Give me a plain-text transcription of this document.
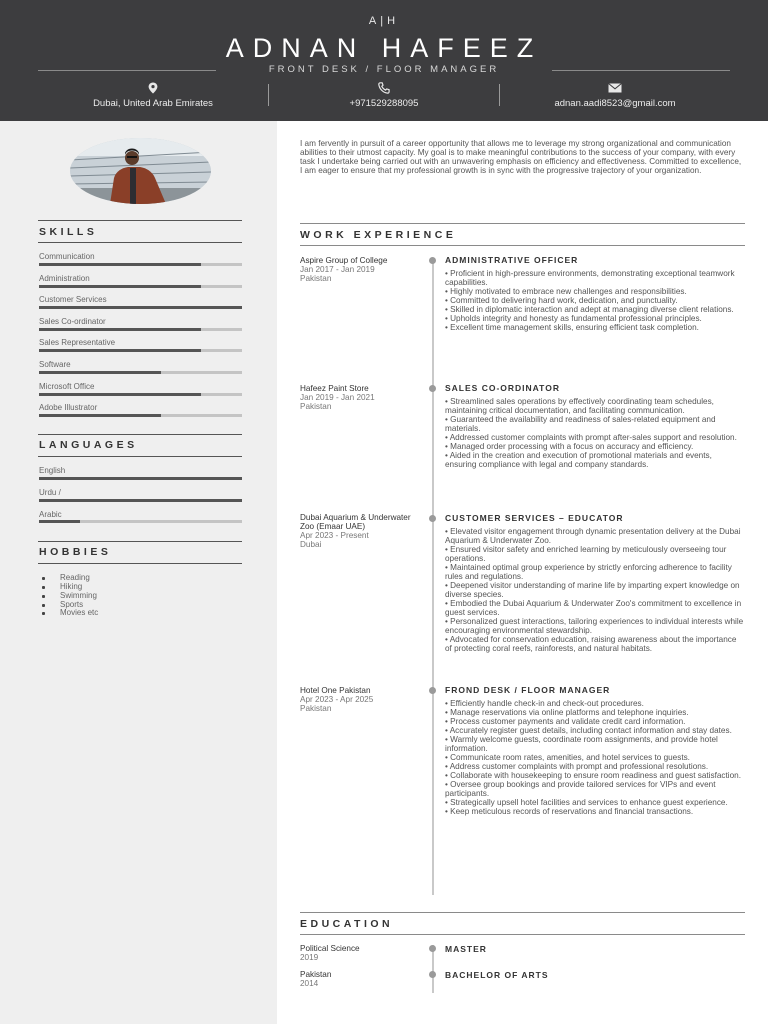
A|H
ADNAN HAFEEZ
FRONT DESK / FLOOR MANAGER
Dubai, United Arab Emirates	+971529288095	adnan.aadi8523@gmail.com
SKILLS
Communication
Administration
Customer Services
Sales Co-ordinator
Sales Representative
Software
Microsoft Office
Adobe Illustrator
LANGUAGES
English
Urdu /
Arabic
HOBBIES
Reading
Hiking
Swimming
Sports
Movies etc
I am fervently in pursuit of a career opportunity that allows me to leverage my strong organizational and communication abilities to their utmost capacity. My goal is to make meaningful contributions to the success of your company, with every task I undertake being carried out with an unwavering emphasis on efficiency and effectiveness. Committed to excellence, I am eager to ensure that my professional growth is in sync with the progressive trajectory of your organization.
WORK EXPERIENCE
Aspire Group of College
Jan 2017 - Jan 2019
Pakistan
ADMINISTRATIVE OFFICER
• Proficient in high-pressure environments, demonstrating exceptional teamwork capabilities.
• Highly motivated to embrace new challenges and responsibilities.
• Committed to delivering hard work, dedication, and punctuality.
• Skilled in diplomatic interaction and adept at managing diverse client relations.
• Upholds integrity and honesty as fundamental professional principles.
• Excellent time management skills, ensuring efficient task completion.
Hafeez Paint Store
Jan 2019 - Jan 2021
Pakistan
SALES CO-ORDINATOR
• Streamlined sales operations by effectively coordinating team schedules, maintaining critical documentation, and facilitating communication.
• Guaranteed the availability and readiness of sales-related equipment and materials.
• Addressed customer complaints with prompt after-sales support and resolution.
• Managed order processing with a focus on accuracy and efficiency.
• Aided in the creation and execution of promotional materials and events, ensuring compliance with legal and company standards.
Dubai Aquarium & Underwater Zoo (Emaar UAE)
Apr 2023 - Present
Dubai
CUSTOMER SERVICES – EDUCATOR
• Elevated visitor engagement through dynamic presentation delivery at the Dubai Aquarium & Underwater Zoo.
• Ensured visitor safety and enriched learning by meticulously overseeing tour operations.
• Maintained optimal group experience by strictly enforcing adherence to facility rules and regulations.
• Deepened visitor understanding of marine life by imparting expert knowledge on diverse species.
• Embodied the Dubai Aquarium & Underwater Zoo's commitment to excellence in guest services.
• Personalized guest interactions, tailoring experiences to individual interests while encouraging environmental stewardship.
• Advocated for conservation education, raising awareness about the importance of protecting coral reefs, rainforests, and natural habitats.
Hotel One Pakistan
Apr 2023 - Apr 2025
Pakistan
FROND DESK / FLOOR MANAGER
• Efficiently handle check-in and check-out procedures.
• Manage reservations via online platforms and telephone inquiries.
• Process customer payments and validate credit card information.
• Accurately register guest details, including contact information and stay dates.
• Warmly welcome guests, coordinate room assignments, and provide hotel information.
• Communicate room rates, amenities, and hotel services to guests.
• Address customer complaints with prompt and professional resolutions.
• Collaborate with housekeeping to ensure room readiness and guest satisfaction.
• Oversee group bookings and provide tailored services for VIPs and event participants.
• Strategically upsell hotel facilities and services to enhance guest experience.
• Keep meticulous records of reservations and financial transactions.
EDUCATION
Political Science
2019
MASTER
Pakistan
2014
BACHELOR OF ARTS
